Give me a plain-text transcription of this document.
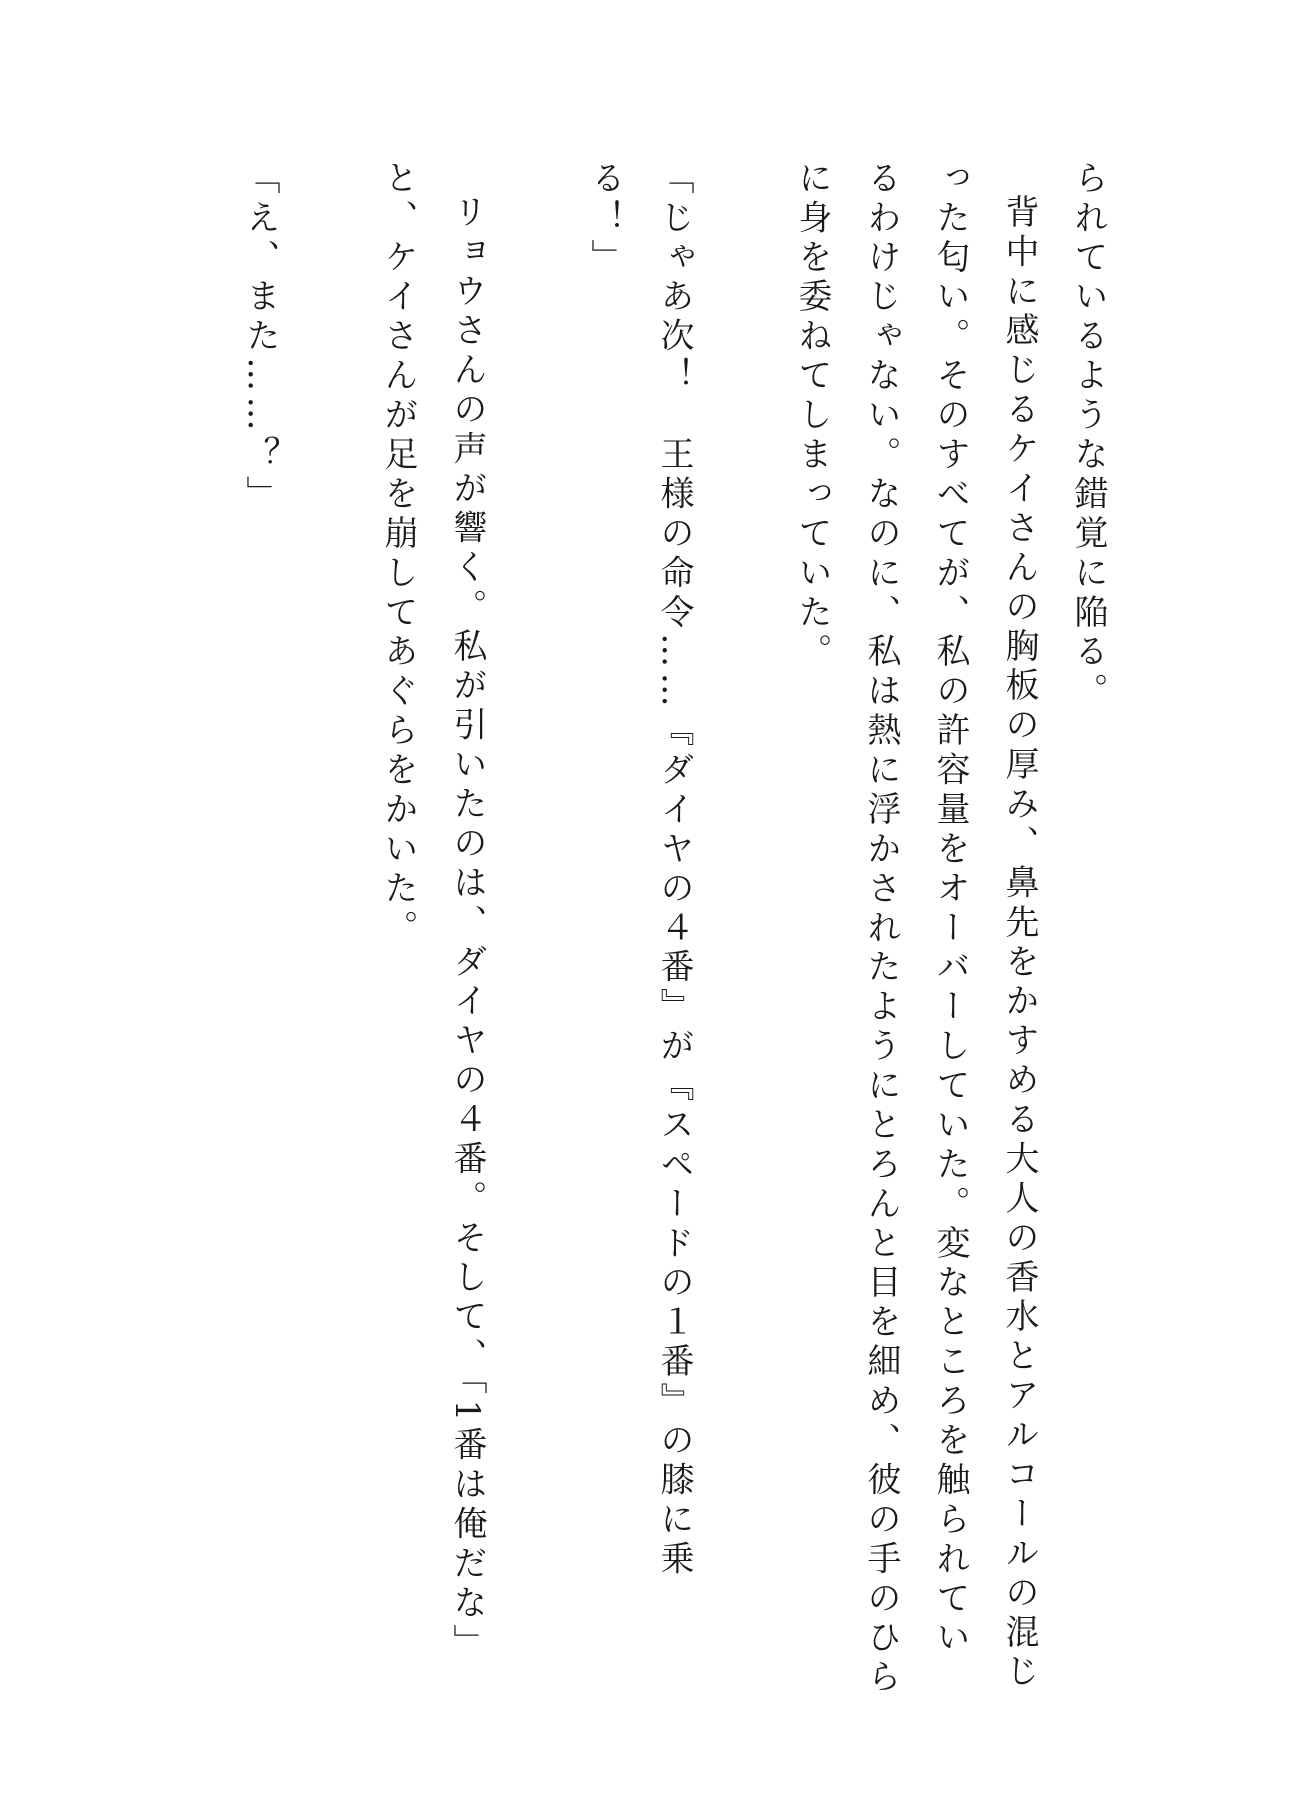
られているような錯覚に陥る。

背中に感じるケイさんの胸板の厚み、鼻先をかすめる大人の香水とアルコールの混じ

った匂い。そのすべてが、私の許容量をオーバーしていた。変なところを触られてい

るわけじゃない。なのに、私は熱に浮かされたようにとろんと目を細め、彼の手のひら

に身を委ねてしまっていた。

「じゃあ次！　王様の命令……『ダイヤの４番』が『スペードの１番』の膝に乗

る！」

リョウさんの声が響く。私が引いたのは、ダイヤの４番。そして、「1番は俺だな」

と、ケイさんが足を崩してあぐらをかいた。

「え、また……？」
